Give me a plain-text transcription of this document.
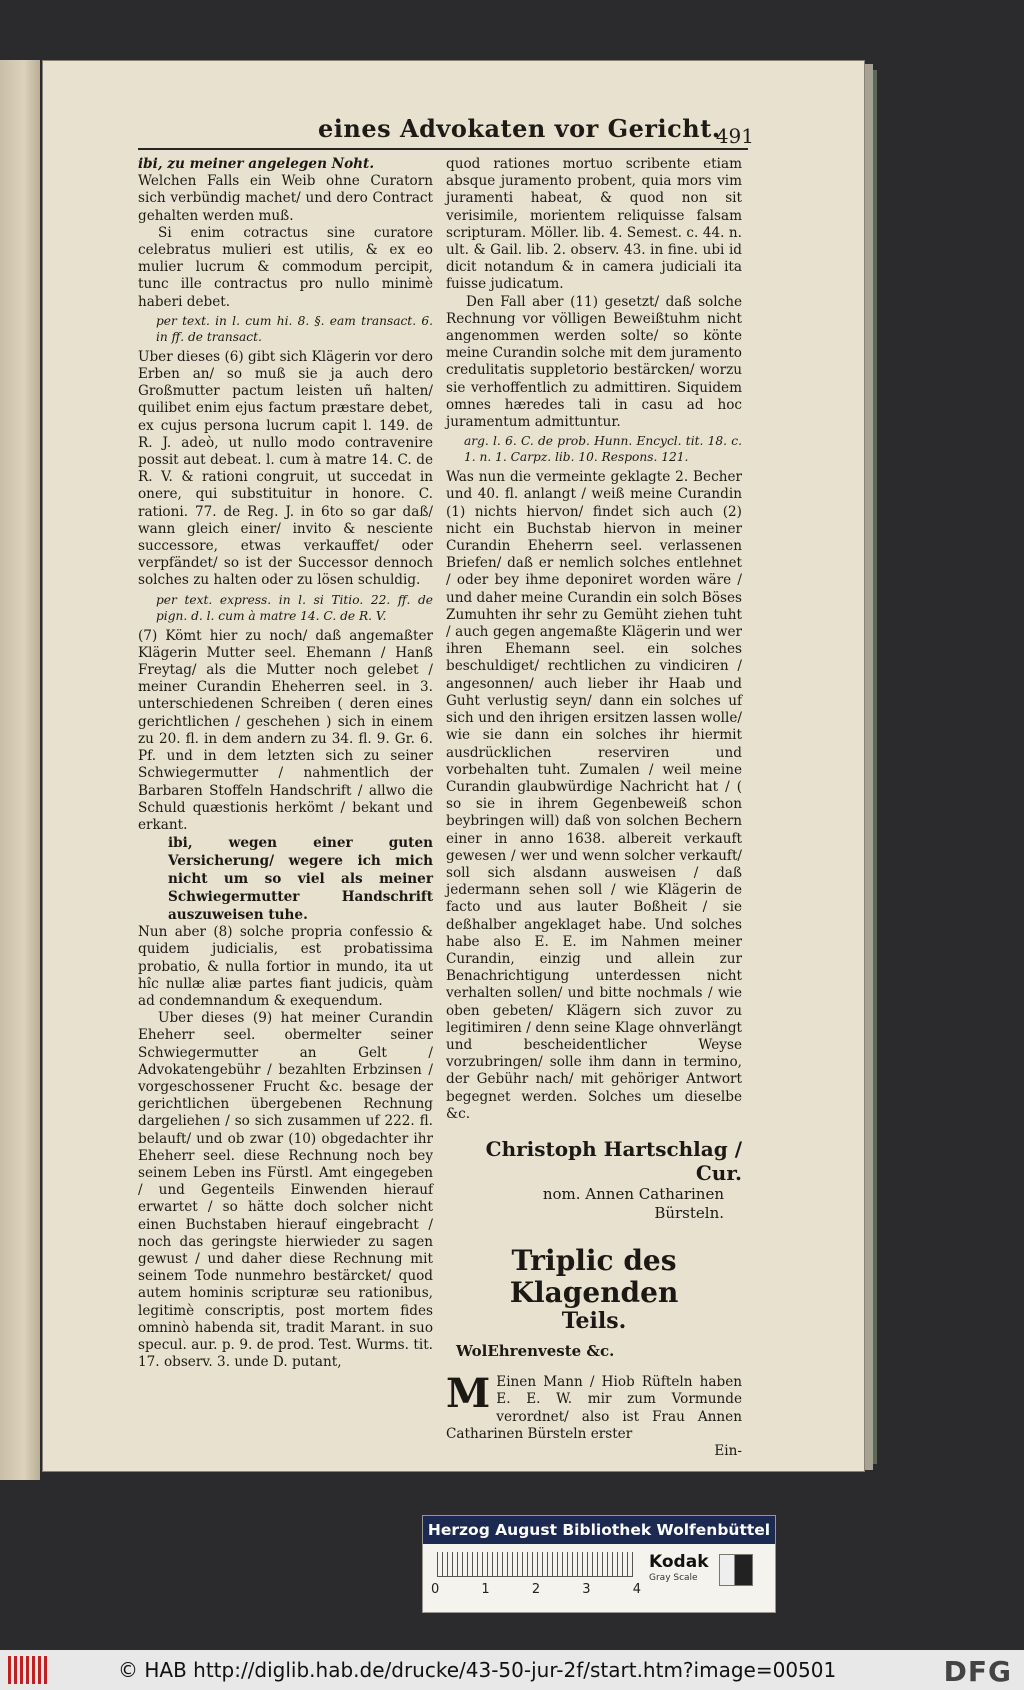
eines Advokaten vor Gericht.
491

ibi, zu meiner angelegen Noht.

Welchen Falls ein Weib ohne Curatorn sich verbündig machet/ und dero Contract gehalten werden muß.

Si enim cotractus sine curatore celebratus mulieri est utilis, & ex eo mulier lucrum & commodum percipit, tunc ille contractus pro nullo minimè haberi debet.

per text. in l. cum hi. 8. §. eam transact. 6. in ff. de transact.

Uber dieses (6) gibt sich Klägerin vor dero Erben an/ so muß sie ja auch dero Großmutter pactum leisten uñ halten/ quilibet enim ejus factum præstare debet, ex cujus persona lucrum capit l. 149. de R. J. adeò, ut nullo modo contravenire possit aut debeat. l. cum à matre 14. C. de R. V. & rationi congruit, ut succedat in onere, qui substituitur in honore. C. rationi. 77. de Reg. J. in 6to so gar daß/ wann gleich einer/ invito & nesciente successore, etwas verkauffet/ oder verpfändet/ so ist der Successor dennoch solches zu halten oder zu lösen schuldig.

per text. express. in l. si Titio. 22. ff. de pign. d. l. cum à matre 14. C. de R. V.

(7) Kömt hier zu noch/ daß angemaßter Klägerin Mutter seel. Ehemann / Hanß Freytag/ als die Mutter noch gelebet / meiner Curandin Eheherren seel. in 3. unterschiedenen Schreiben ( deren eines gerichtlichen / geschehen ) sich in einem zu 20. fl. in dem andern zu 34. fl. 9. Gr. 6. Pf. und in dem letzten sich zu seiner Schwiegermutter / nahmentlich der Barbaren Stoffeln Handschrift / allwo die Schuld quæstionis herkömt / bekant und erkant.

ibi, wegen einer guten Versicherung/ wegere ich mich nicht um so viel als meiner Schwiegermutter Handschrift auszuweisen tuhe.

Nun aber (8) solche propria confessio & quidem judicialis, est probatissima probatio, & nulla fortior in mundo, ita ut hîc nullæ aliæ partes fiant judicis, quàm ad condemnandum & exequendum.

Uber dieses (9) hat meiner Curandin Eheherr seel. obermelter seiner Schwiegermutter an Gelt / Advokatengebühr / bezahlten Erbzinsen / vorgeschossener Frucht &c. besage der gerichtlichen übergebenen Rechnung dargeliehen / so sich zusammen uf 222. fl. belauft/ und ob zwar (10) obgedachter ihr Eheherr seel. diese Rechnung noch bey seinem Leben ins Fürstl. Amt eingegeben / und Gegenteils Einwenden hierauf erwartet / so hätte doch solcher nicht einen Buchstaben hierauf eingebracht / noch das geringste hierwieder zu sagen gewust / und daher diese Rechnung mit seinem Tode nunmehro bestärcket/ quod autem hominis scripturæ seu rationibus, legitimè conscriptis, post mortem fides omninò habenda sit, tradit Marant. in suo specul. aur. p. 9. de prod. Test. Wurms. tit. 17. observ. 3. unde D. putant,

quod rationes mortuo scribente etiam absque juramento probent, quia mors vim juramenti habeat, & quod non sit verisimile, morientem reliquisse falsam scripturam. Möller. lib. 4. Semest. c. 44. n. ult. & Gail. lib. 2. observ. 43. in fine. ubi id dicit notandum & in camera judiciali ita fuisse judicatum.

Den Fall aber (11) gesetzt/ daß solche Rechnung vor völligen Beweißtuhm nicht angenommen werden solte/ so könte meine Curandin solche mit dem juramento credulitatis suppletorio bestärcken/ worzu sie verhoffentlich zu admittiren. Siquidem omnes hæredes tali in casu ad hoc juramentum admittuntur.

arg. l. 6. C. de prob. Hunn. Encycl. tit. 18. c. 1. n. 1. Carpz. lib. 10. Respons. 121.

Was nun die vermeinte geklagte 2. Becher und 40. fl. anlangt / weiß meine Curandin (1) nichts hiervon/ findet sich auch (2) nicht ein Buchstab hiervon in meiner Curandin Eheherrn seel. verlassenen Briefen/ daß er nemlich solches entlehnet / oder bey ihme deponiret worden wäre / und daher meine Curandin ein solch Böses Zumuhten ihr sehr zu Gemüht ziehen tuht / auch gegen angemaßte Klägerin und wer ihren Ehemann seel. ein solches beschuldiget/ rechtlichen zu vindiciren / angesonnen/ auch lieber ihr Haab und Guht verlustig seyn/ dann ein solches uf sich und den ihrigen ersitzen lassen wolle/ wie sie dann ein solches ihr hiermit ausdrücklichen reserviren und vorbehalten tuht. Zumalen / weil meine Curandin glaubwürdige Nachricht hat / ( so sie in ihrem Gegenbeweiß schon beybringen will) daß von solchen Bechern einer in anno 1638. albereit verkauft gewesen / wer und wenn solcher verkauft/ soll sich alsdann ausweisen / daß jedermann sehen soll / wie Klägerin de facto und aus lauter Boßheit / sie deßhalber angeklaget habe. Und solches habe also E. E. im Nahmen meiner Curandin, einzig und allein zur Benachrichtigung unterdessen nicht verhalten sollen/ und bitte nochmals / wie oben gebeten/ Klägern sich zuvor zu legitimiren / denn seine Klage ohnverlängt und bescheidentlicher Weyse vorzubringen/ solle ihm dann in termino, der Gebühr nach/ mit gehöriger Antwort begegnet werden. Solches um dieselbe &c.

Christoph Hartschlag / Cur.
nom. Annen Catharinen
Bürsteln.
Triplic des Klagenden
Teils.
WolEhrenveste &c.

M Einen Mann / Hiob Rüfteln haben E. E. W. mir zum Vormunde verordnet/ also ist Frau Annen Catharinen Bürsteln erster

Ein-
Herzog August Bibliothek Wolfenbüttel
0	1	2	3	4
Kodak
Gray Scale
© HAB http://diglib.hab.de/drucke/43-50-jur-2f/start.htm?image=00501	DFG
